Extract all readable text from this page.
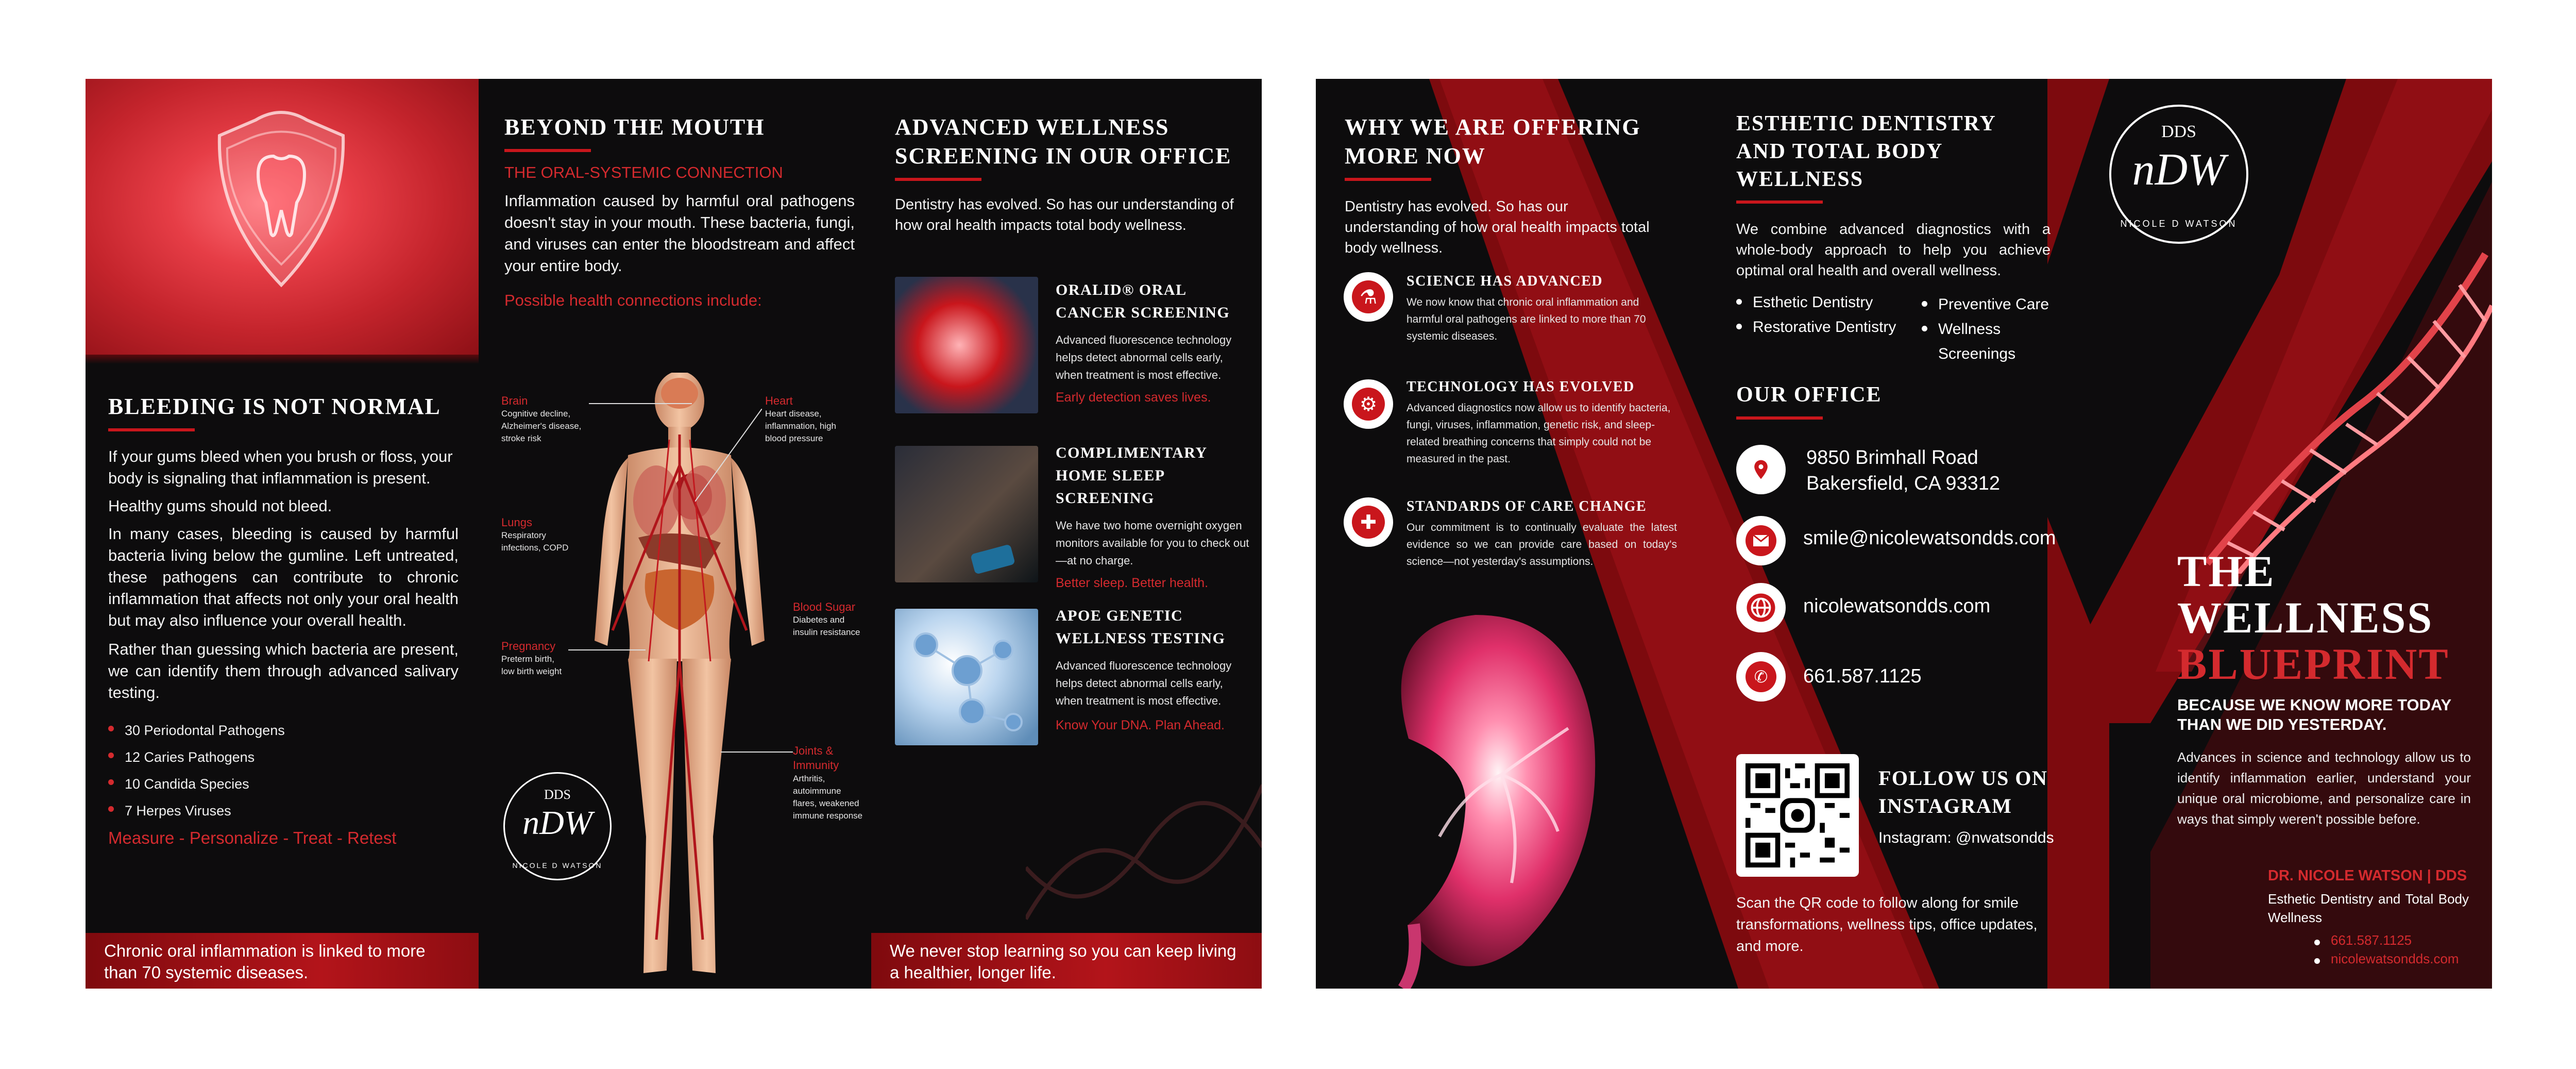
BLEEDING IS NOT NORMAL
If your gums bleed when you brush or floss, your body is signaling that inflammation is present.
Healthy gums should not bleed.
In many cases, bleeding is caused by harmful bacteria living below the gumline. Left untreated, these pathogens can contribute to chronic inflammation that affects not only your oral health but may also influence your overall health.
Rather than guessing which bacteria are present, we can identify them through advanced salivary testing.
30 Periodontal Pathogens
12 Caries Pathogens
10 Candida Species
7 Herpes Viruses
Measure - Personalize - Treat - Retest
Chronic oral inflammation is linked to more than 70 systemic diseases.
BEYOND THE MOUTH
THE ORAL-SYSTEMIC CONNECTION
Inflammation caused by harmful oral pathogens doesn't stay in your mouth. These bacteria, fungi, and viruses can enter the bloodstream and affect your entire body.
Possible health connections include:
Brain
Cognitive decline, Alzheimer's disease, stroke risk
Heart
Heart disease, inflammation, high blood pressure
Lungs
Respiratory infections, COPD
Blood Sugar
Diabetes and insulin resistance
Pregnancy
Preterm birth, low birth weight
Joints & Immunity
Arthritis, autoimmune flares, weakened immune response
DDS
nDW
NICOLE D WATSON
ADVANCED WELLNESS SCREENING IN OUR OFFICE
Dentistry has evolved. So has our understanding of how oral health impacts total body wellness.
ORALID® ORAL CANCER SCREENING
Advanced fluorescence technology helps detect abnormal cells early, when treatment is most effective.
Early detection saves lives.
COMPLIMENTARY HOME SLEEP SCREENING
We have two home overnight oxygen monitors available for you to check out—at no charge.
Better sleep. Better health.
APOE GENETIC WELLNESS TESTING
Advanced fluorescence technology helps detect abnormal cells early, when treatment is most effective.
Know Your DNA. Plan Ahead.
We never stop learning so you can keep living a healthier, longer life.
WHY WE ARE OFFERING MORE NOW
Dentistry has evolved. So has our understanding of how oral health impacts total body wellness.
⚗
SCIENCE HAS ADVANCED
We now know that chronic oral inflammation and harmful oral pathogens are linked to more than 70 systemic diseases.
⚙
TECHNOLOGY HAS EVOLVED
Advanced diagnostics now allow us to identify bacteria, fungi, viruses, inflammation, genetic risk, and sleep-related breathing concerns that simply could not be measured in the past.
✚
STANDARDS OF CARE CHANGE
Our commitment is to continually evaluate the latest evidence so we can provide care based on today's science—not yesterday's assumptions.
ESTHETIC DENTISTRY AND TOTAL BODY WELLNESS
We combine advanced diagnostics with a whole-body approach to help you achieve optimal oral health and overall wellness.
Esthetic Dentistry
Restorative Dentistry
Preventive Care
Wellness Screenings
OUR OFFICE
9850 Brimhall Road
Bakersfield, CA 93312
smile@nicolewatsondds.com
nicolewatsondds.com
✆	661.587.1125
FOLLOW US ON INSTAGRAM
Instagram: @nwatsondds
Scan the QR code to follow along for smile transformations, wellness tips, office updates, and more.
DDS
nDW
NICOLE D WATSON
THE
WELLNESS
BLUEPRINT
BECAUSE WE KNOW MORE TODAY THAN WE DID YESTERDAY.
Advances in science and technology allow us to identify inflammation earlier, understand your unique oral microbiome, and personalize care in ways that simply weren't possible before.
DR. NICOLE WATSON | DDS
Esthetic Dentistry and Total Body Wellness
661.587.1125
nicolewatsondds.com
